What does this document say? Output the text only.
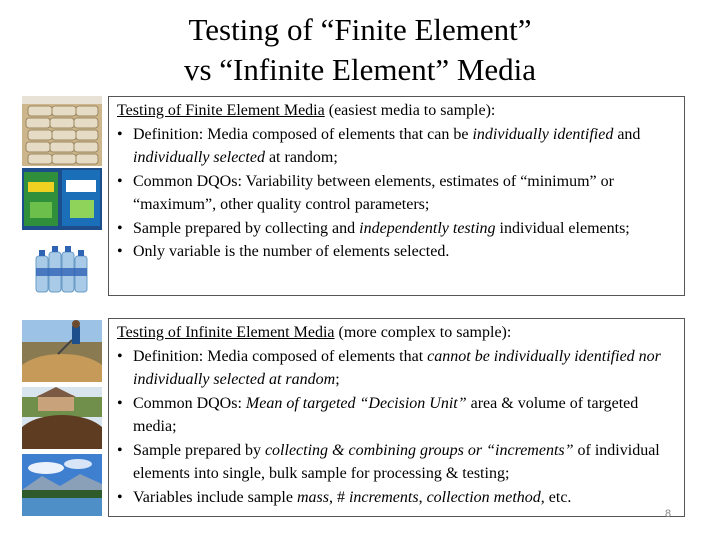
Testing of “Finite Element”
vs “Infinite Element” Media
Testing of Finite Element Media (easiest media to sample):
• Definition: Media composed of elements that can be individually identified and individually selected at random;
• Common DQOs: Variability between elements, estimates of “minimum” or “maximum”, other quality control parameters;
• Sample prepared by collecting and independently testing individual elements;
• Only variable is the number of elements selected.
Testing of Infinite Element Media (more complex to sample):
• Definition: Media composed of elements that cannot be individually identified nor individually selected at random;
• Common DQOs: Mean of targeted “Decision Unit” area & volume of targeted media;
• Sample prepared by collecting & combining groups or “increments” of individual elements into single, bulk sample for processing & testing;
• Variables include sample mass, # increments, collection method, etc.
8
